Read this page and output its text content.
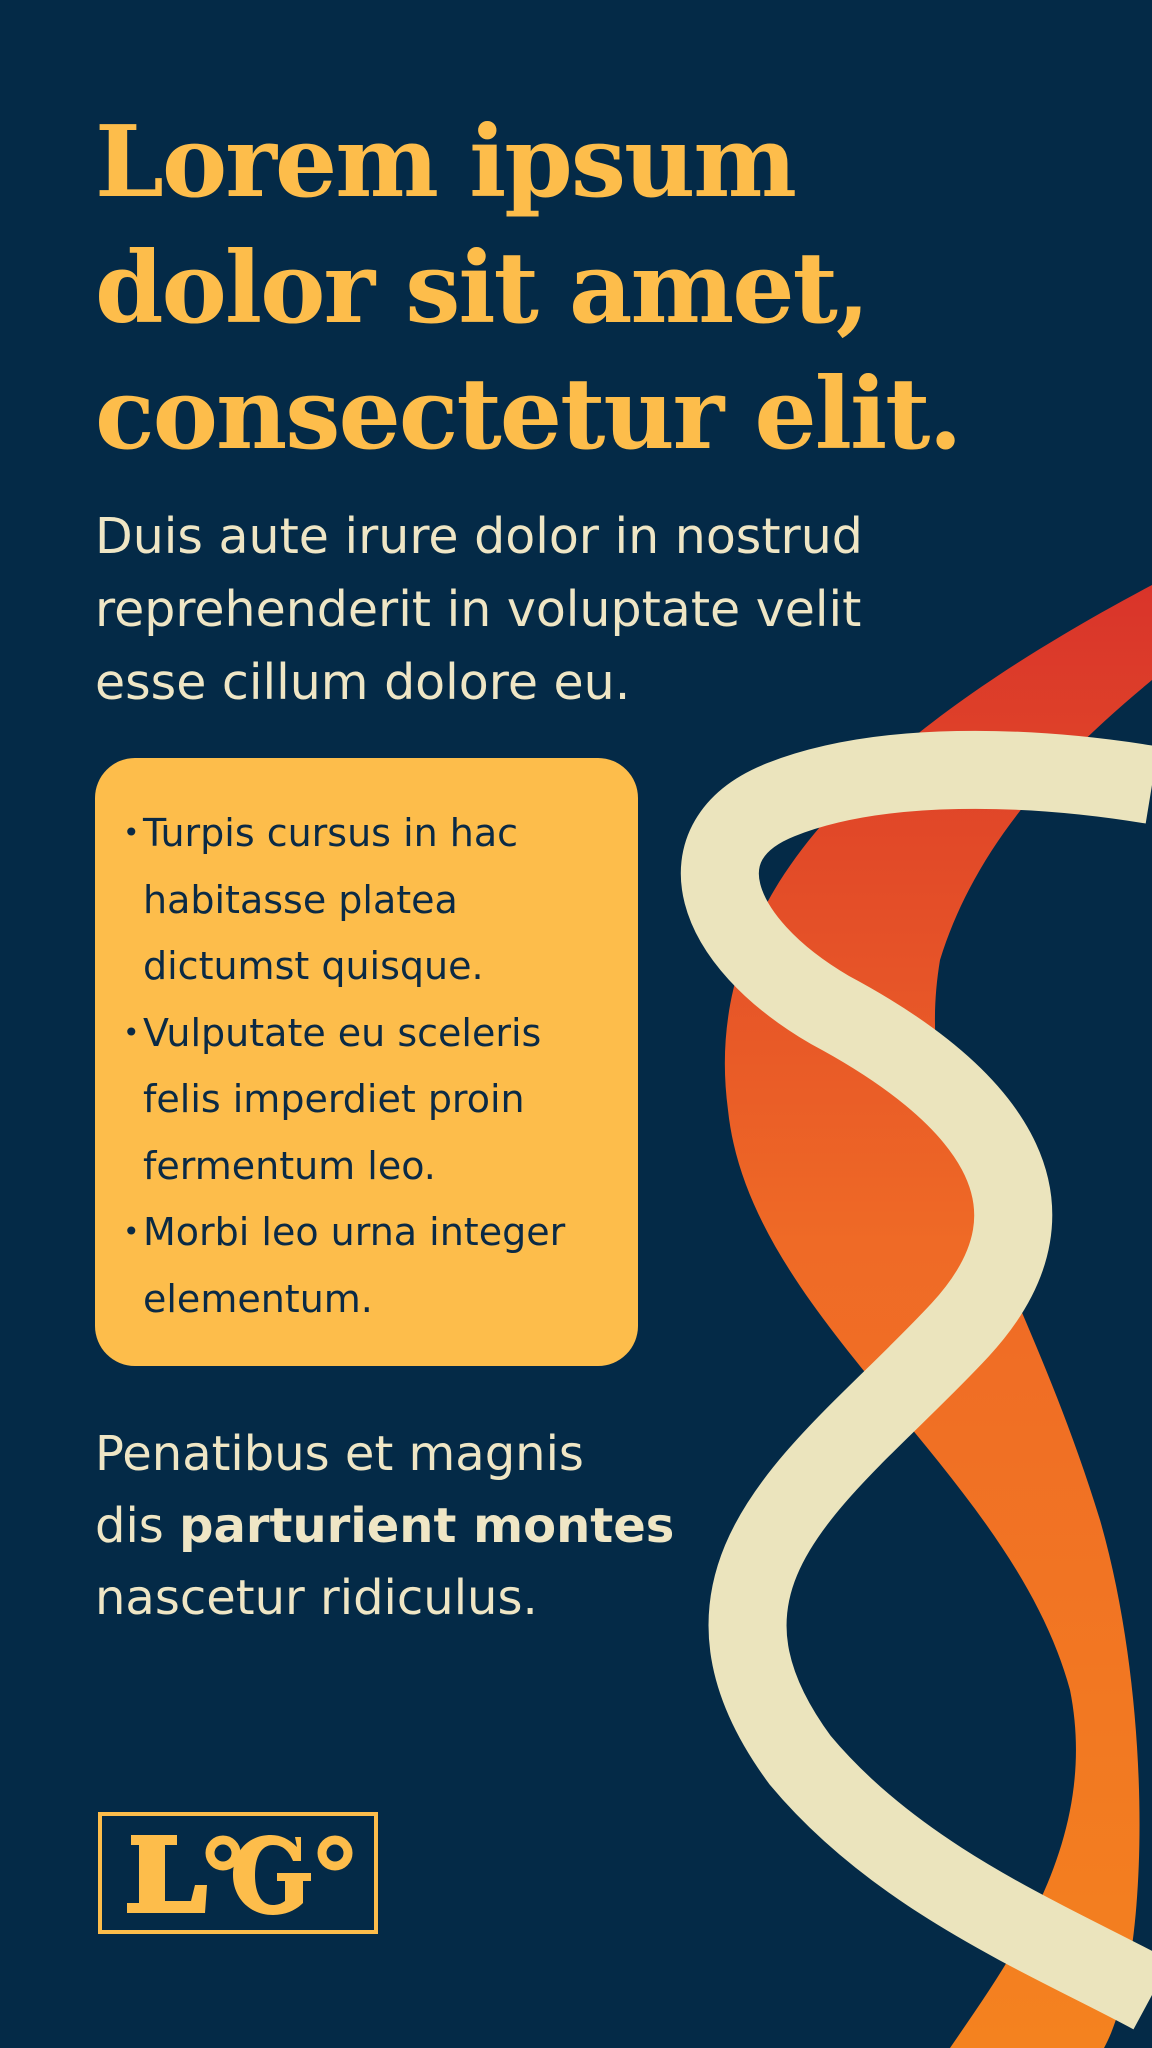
Lorem ipsum
dolor sit amet,
consectetur elit.

Duis aute irure dolor in nostrud
reprehenderit in voluptate velit
esse cillum dolore eu.

• Turpis cursus in hac
habitasse platea
dictumst quisque.
• Vulputate eu sceleris
felis imperdiet proin
fermentum leo.
• Morbi leo urna integer
elementum.

Penatibus et magnis
dis parturient montes
nascetur ridiculus.
